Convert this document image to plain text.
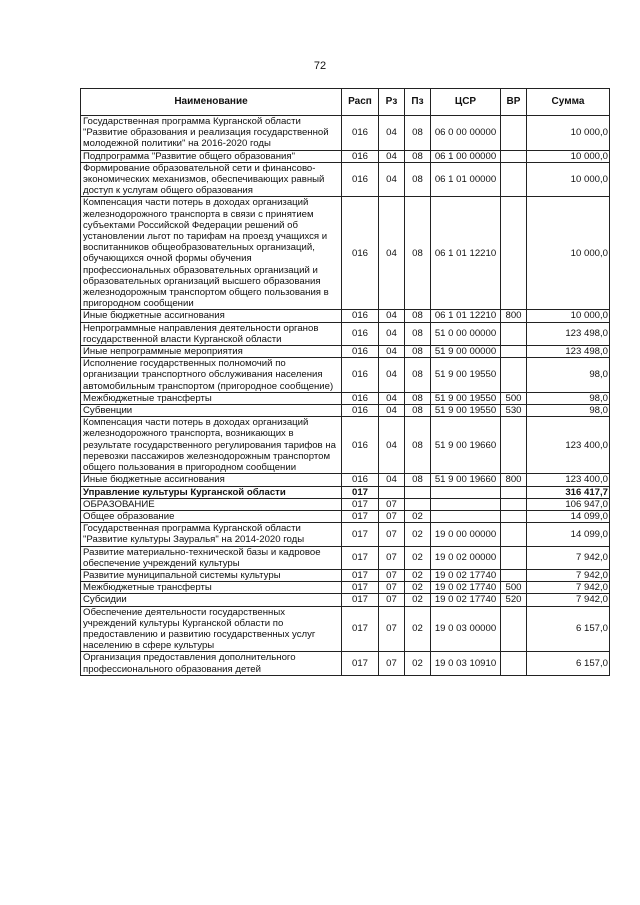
72
Наименование	Расп	Рз	Пз	ЦСР	ВР	Сумма
Государственная программа Курганской области "Развитие образования и реализация государственной молодежной политики" на 2016-2020 годы	016	04	08	06 0 00 00000		10 000,0
Подпрограмма "Развитие общего образования"	016	04	08	06 1 00 00000		10 000,0
Формирование образовательной сети и финансово-экономических механизмов, обеспечивающих равный доступ к услугам общего образования	016	04	08	06 1 01 00000		10 000,0
Компенсация части потерь в доходах организаций железнодорожного транспорта в связи с принятием субъектами Российской Федерации решений об установлении льгот по тарифам на проезд учащихся и воспитанников общеобразовательных организаций, обучающихся очной формы обучения профессиональных образовательных организаций и образовательных организаций высшего образования железнодорожным транспортом общего пользования в пригородном сообщении	016	04	08	06 1 01 12210		10 000,0
Иные бюджетные ассигнования	016	04	08	06 1 01 12210	800	10 000,0
Непрограммные направления деятельности органов государственной власти Курганской области	016	04	08	51 0 00 00000		123 498,0
Иные непрограммные мероприятия	016	04	08	51 9 00 00000		123 498,0
Исполнение государственных полномочий по организации транспортного обслуживания населения автомобильным транспортом (пригородное сообщение)	016	04	08	51 9 00 19550		98,0
Межбюджетные трансферты	016	04	08	51 9 00 19550	500	98,0
Субвенции	016	04	08	51 9 00 19550	530	98,0
Компенсация части потерь в доходах организаций железнодорожного транспорта, возникающих в результате государственного регулирования тарифов на перевозки пассажиров железнодорожным транспортом общего пользования в пригородном сообщении	016	04	08	51 9 00 19660		123 400,0
Иные бюджетные ассигнования	016	04	08	51 9 00 19660	800	123 400,0
Управление культуры Курганской области	017					316 417,7
ОБРАЗОВАНИЕ	017	07				106 947,0
Общее образование	017	07	02			14 099,0
Государственная программа Курганской области "Развитие культуры Зауралья" на 2014-2020 годы	017	07	02	19 0 00 00000		14 099,0
Развитие материально-технической базы и кадровое обеспечение учреждений культуры	017	07	02	19 0 02 00000		7 942,0
Развитие муниципальной системы культуры	017	07	02	19 0 02 17740		7 942,0
Межбюджетные трансферты	017	07	02	19 0 02 17740	500	7 942,0
Субсидии	017	07	02	19 0 02 17740	520	7 942,0
Обеспечение деятельности государственных учреждений культуры Курганской области по предоставлению и развитию государственных услуг населению в сфере культуры	017	07	02	19 0 03 00000		6 157,0
Организация предоставления дополнительного профессионального образования детей	017	07	02	19 0 03 10910		6 157,0
